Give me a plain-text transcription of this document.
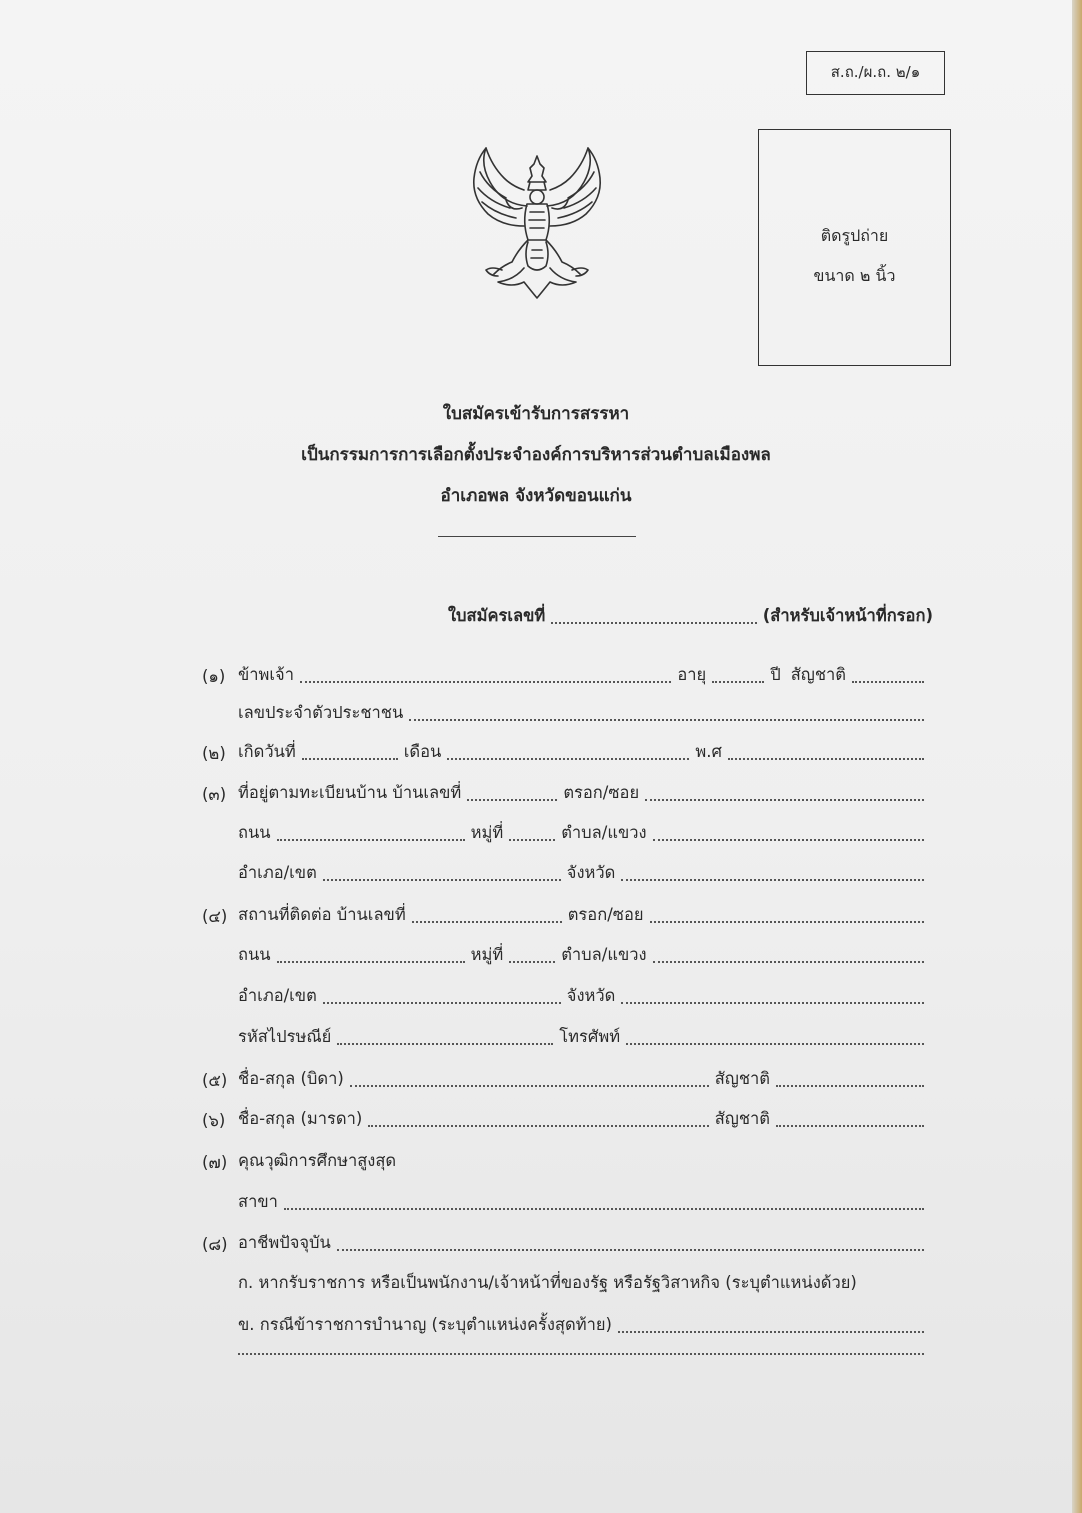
ส.ถ./ผ.ถ. ๒/๑
ติดรูปถ่าย
ขนาด ๒ นิ้ว
ใบสมัครเข้ารับการสรรหา
เป็นกรรมการการเลือกตั้งประจำองค์การบริหารส่วนตำบลเมืองพล
อำเภอพล จังหวัดขอนแก่น
ใบสมัครเลขที่	(สำหรับเจ้าหน้าที่กรอก)
(๑) ข้าพเจ้า	อายุ	ปี สัญชาติ
เลขประจำตัวประชาชน
(๒) เกิดวันที่	เดือน	พ.ศ
(๓) ที่อยู่ตามทะเบียนบ้าน บ้านเลขที่	ตรอก/ซอย
ถนน	หมู่ที่	ตำบล/แขวง
อำเภอ/เขต	จังหวัด
(๔) สถานที่ติดต่อ บ้านเลขที่	ตรอก/ซอย
ถนน	หมู่ที่	ตำบล/แขวง
อำเภอ/เขต	จังหวัด
รหัสไปรษณีย์	โทรศัพท์
(๕) ชื่อ-สกุล (บิดา)	สัญชาติ
(๖) ชื่อ-สกุล (มารดา)	สัญชาติ
(๗) คุณวุฒิการศึกษาสูงสุด
สาขา
(๘) อาชีพปัจจุบัน
ก. หากรับราชการ หรือเป็นพนักงาน/เจ้าหน้าที่ของรัฐ หรือรัฐวิสาหกิจ (ระบุตำแหน่งด้วย)
ข. กรณีข้าราชการบำนาญ (ระบุตำแหน่งครั้งสุดท้าย)
